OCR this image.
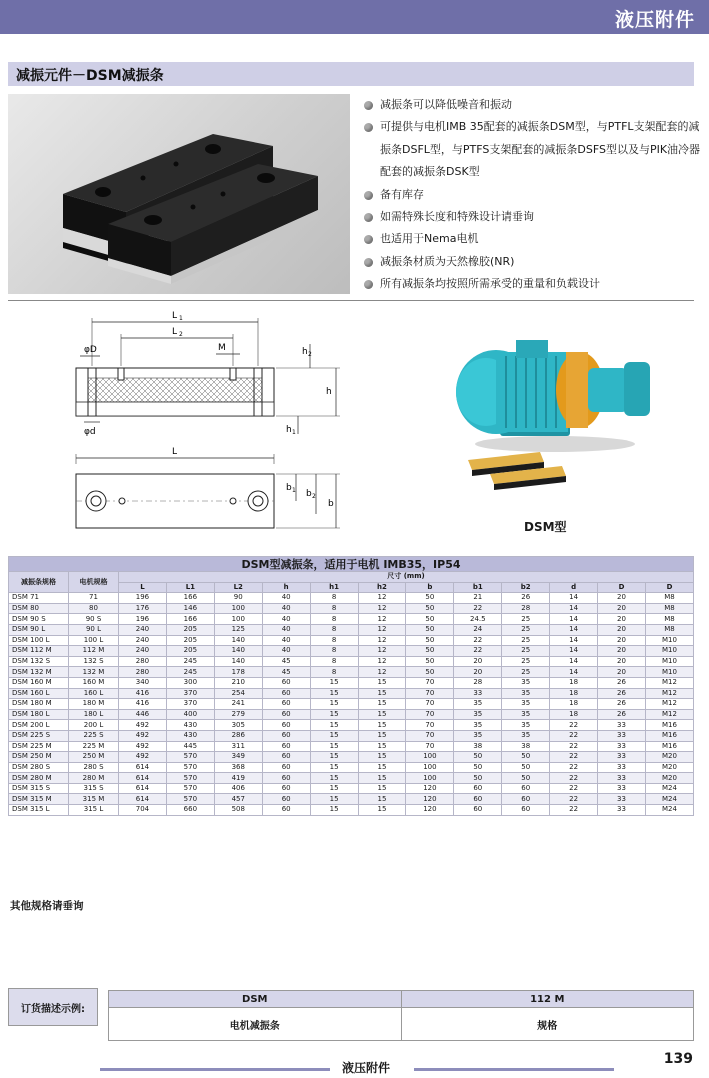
液压附件
减振元件－DSM减振条
减振条可以降低噪音和振动
可提供与电机IMB 35配套的减振条DSM型，与PTFL支架配套的减振条DSFL型，与PTFS支架配套的减振条DSFS型以及与PIK油冷器配套的减振条DSK型
备有库存
如需特殊长度和特殊设计请垂询
也适用于Nema电机
减振条材质为天然橡胶(NR)
所有减振条均按照所需承受的重量和负载设计
L 1
L 2
M
φD
φd
h
h 2
h 1
L
b
b 1 b 2
DSM型
DSM型减振条，适用于电机 IMB35，IP54													
减振条规格	电机规格	尺寸 (mm)											
		L	L1	L2	h	h1	h2	b	b1	b2	d	D	D
DSM 71	71	196	166	90	40	8	12	50	21	26	14	20	M8
DSM 80	80	176	146	100	40	8	12	50	22	28	14	20	M8
DSM 90 S	90 S	196	166	100	40	8	12	50	24.5	25	14	20	M8
DSM 90 L	90 L	240	205	125	40	8	12	50	24	25	14	20	M8
DSM 100 L	100 L	240	205	140	40	8	12	50	22	25	14	20	M10
DSM 112 M	112 M	240	205	140	40	8	12	50	22	25	14	20	M10
DSM 132 S	132 S	280	245	140	45	8	12	50	20	25	14	20	M10
DSM 132 M	132 M	280	245	178	45	8	12	50	20	25	14	20	M10
DSM 160 M	160 M	340	300	210	60	15	15	70	28	35	18	26	M12
DSM 160 L	160 L	416	370	254	60	15	15	70	33	35	18	26	M12
DSM 180 M	180 M	416	370	241	60	15	15	70	35	35	18	26	M12
DSM 180 L	180 L	446	400	279	60	15	15	70	35	35	18	26	M12
DSM 200 L	200 L	492	430	305	60	15	15	70	35	35	22	33	M16
DSM 225 S	225 S	492	430	286	60	15	15	70	35	35	22	33	M16
DSM 225 M	225 M	492	445	311	60	15	15	70	38	38	22	33	M16
DSM 250 M	250 M	492	570	349	60	15	15	100	50	50	22	33	M20
DSM 280 S	280 S	614	570	368	60	15	15	100	50	50	22	33	M20
DSM 280 M	280 M	614	570	419	60	15	15	100	50	50	22	33	M20
DSM 315 S	315 S	614	570	406	60	15	15	120	60	60	22	33	M24
DSM 315 M	315 M	614	570	457	60	15	15	120	60	60	22	33	M24
DSM 315 L	315 L	704	660	508	60	15	15	120	60	60	22	33	M24
其他规格请垂询
订货描述示例:
DSM	112 M
电机减振条	规格
液压附件
139
